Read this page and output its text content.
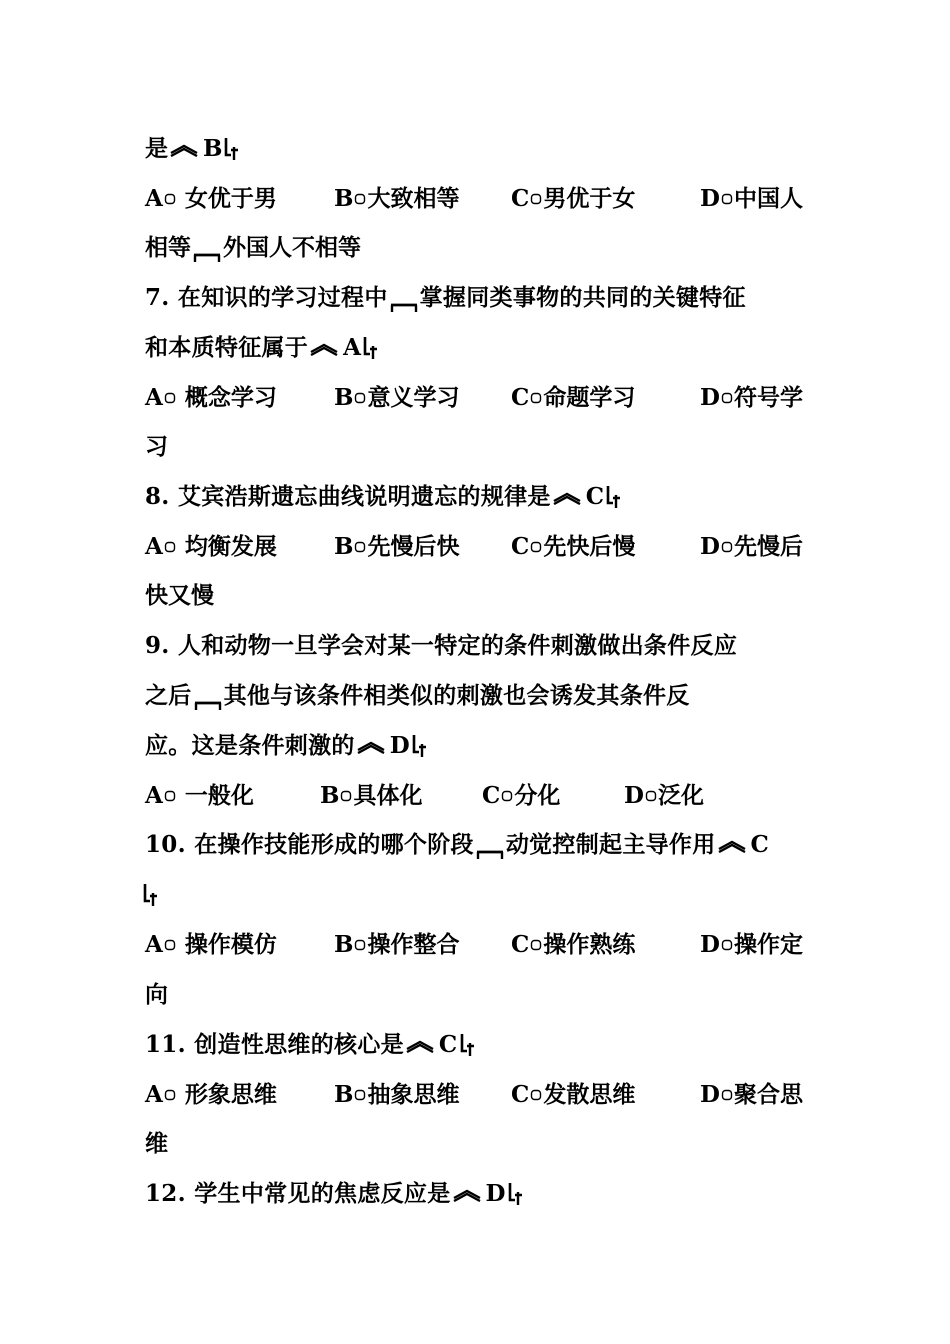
是 B
A 女优于男 B 大致相等 C 男优于女	D 中国人
相等 外国人不相等
7. 在知识的学习过程中 掌握同类事物的共同的关键特征
和本质特征属于 A
A 概念学习 B 意义学习 C 命题学习	D 符号学
习
8. 艾宾浩斯遗忘曲线说明遗忘的规律是 C
A 均衡发展 B 先慢后快 C 先快后慢	D 先慢后
快又慢
9. 人和动物一旦学会对某一特定的条件刺激做出条件反应
之后 其他与该条件相类似的刺激也会诱发其条件反
应。这是条件刺激的 D
A 一般化	B 具体化	C 分化	D 泛化
10. 在操作技能形成的哪个阶段 动觉控制起主导作用 C
A 操作模仿 B 操作整合 C 操作熟练	D 操作定
向
11. 创造性思维的核心是 C
A 形象思维 B 抽象思维 C 发散思维	D 聚合思
维
12. 学生中常见的焦虑反应是 D
